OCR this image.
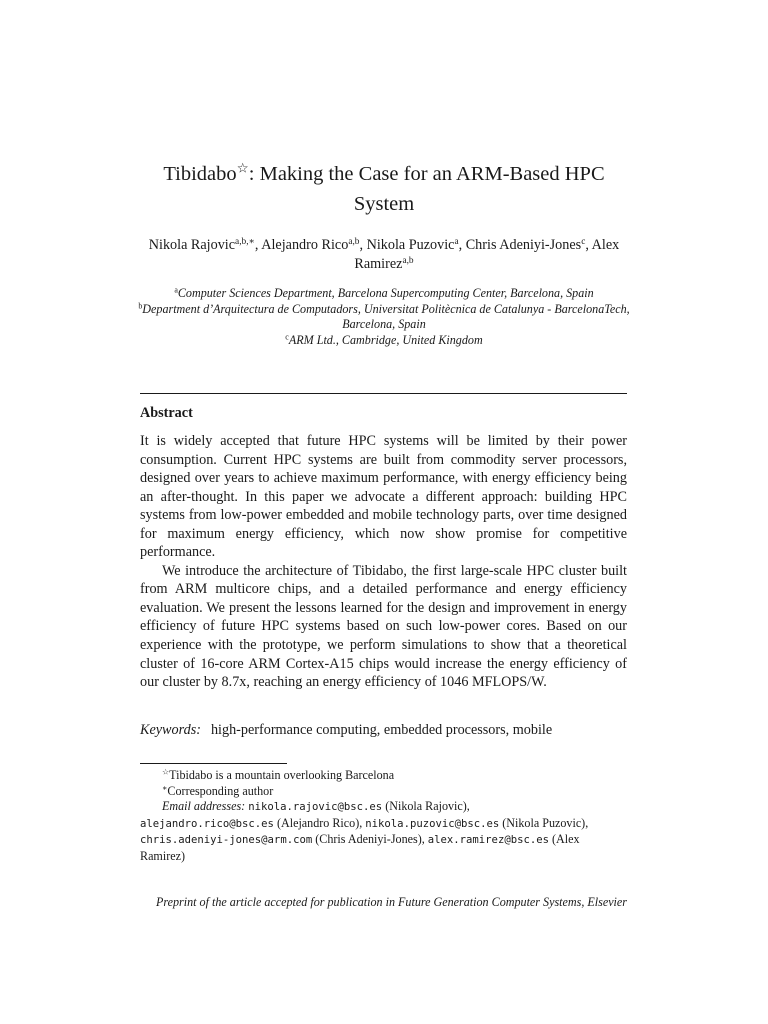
Tibidabo☆: Making the Case for an ARM-Based HPC System
Nikola Rajovic$^{a,b,∗}$, Alejandro Rico$^{a,b}$, Nikola Puzovic$^a$, Chris Adeniyi-Jones$^c$, Alex Ramirez$^{a,b}$
$^a$Computer Sciences Department, Barcelona Supercomputing Center, Barcelona, Spain
$^b$Department d’Arquitectura de Computadors, Universitat Politècnica de Catalunya - BarcelonaTech, Barcelona, Spain
$^c$ARM Ltd., Cambridge, United Kingdom
Abstract

It is widely accepted that future HPC systems will be limited by their power consumption. Current HPC systems are built from commodity server processors, designed over years to achieve maximum performance, with energy efficiency being an after-thought. In this paper we advocate a different approach: building HPC systems from low-power embedded and mobile technology parts, over time designed for maximum energy efficiency, which now show promise for competitive performance.

We introduce the architecture of Tibidabo, the first large-scale HPC cluster built from ARM multicore chips, and a detailed performance and energy efficiency evaluation. We present the lessons learned for the design and improvement in energy efficiency of future HPC systems based on such low-power cores. Based on our experience with the prototype, we perform simulations to show that a theoretical cluster of 16-core ARM Cortex-A15 chips would increase the energy efficiency of our cluster by 8.7x, reaching an energy efficiency of 1046 MFLOPS/W.

Keywords: high-performance computing, embedded processors, mobile
☆Tibidabo is a mountain overlooking Barcelona
∗Corresponding author
Email addresses: nikola.rajovic@bsc.es (Nikola Rajovic),
alejandro.rico@bsc.es (Alejandro Rico), nikola.puzovic@bsc.es (Nikola Puzovic),
chris.adeniyi-jones@arm.com (Chris Adeniyi-Jones), alex.ramirez@bsc.es (Alex Ramirez)
Preprint of the article accepted for publication in Future Generation Computer Systems, Elsevier
